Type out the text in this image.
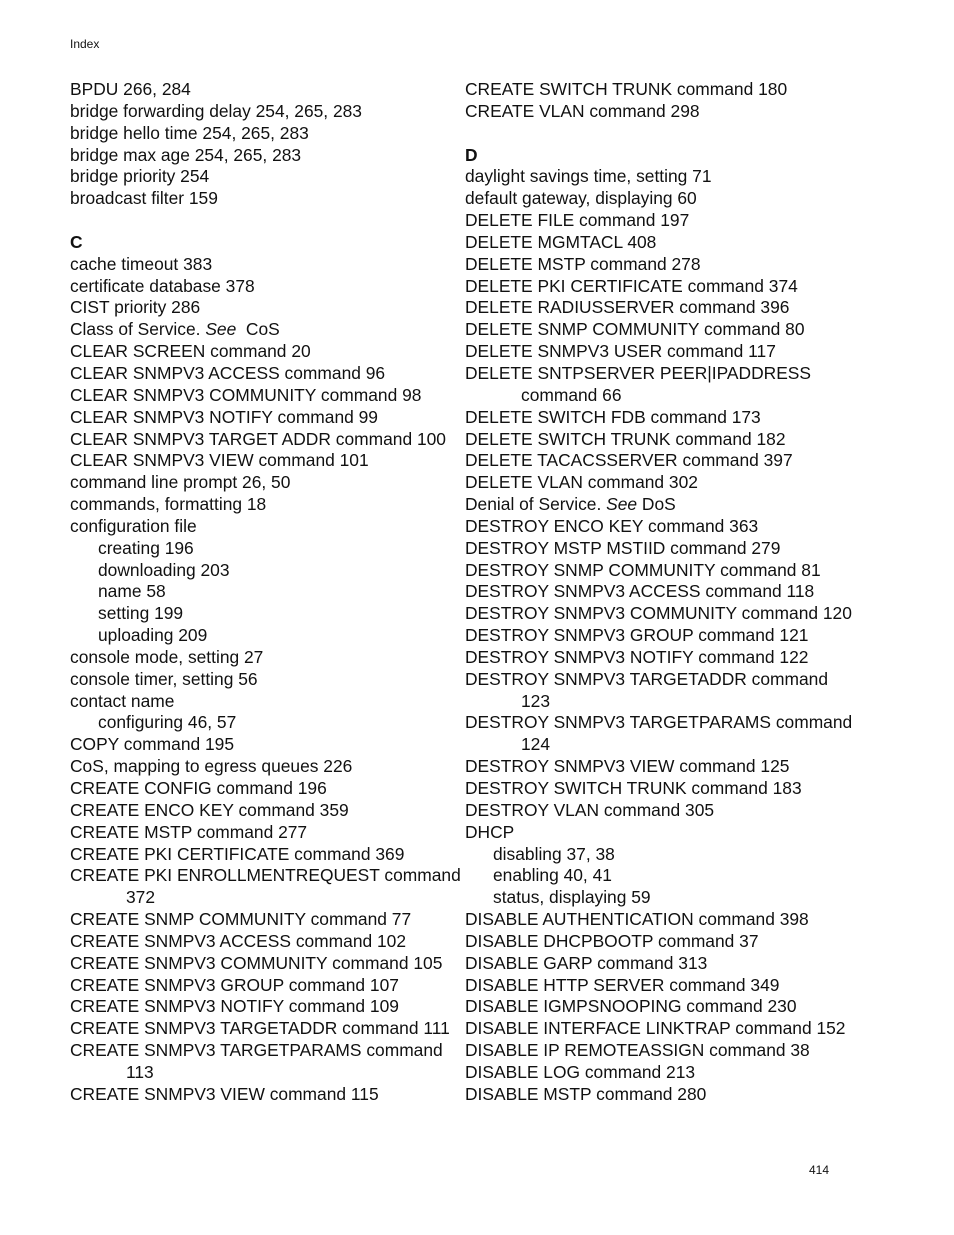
Index
BPDU 266, 284
bridge forwarding delay 254, 265, 283
bridge hello time 254, 265, 283
bridge max age 254, 265, 283
bridge priority 254
broadcast filter 159
C
cache timeout 383
certificate database 378
CIST priority 286
Class of Service. See  CoS
CLEAR SCREEN command 20
CLEAR SNMPV3 ACCESS command 96
CLEAR SNMPV3 COMMUNITY command 98
CLEAR SNMPV3 NOTIFY command 99
CLEAR SNMPV3 TARGET ADDR command 100
CLEAR SNMPV3 VIEW command 101
command line prompt 26, 50
commands, formatting 18
configuration file
creating 196
downloading 203
name 58
setting 199
uploading 209
console mode, setting 27
console timer, setting 56
contact name
configuring 46, 57
COPY command 195
CoS, mapping to egress queues 226
CREATE CONFIG command 196
CREATE ENCO KEY command 359
CREATE MSTP command 277
CREATE PKI CERTIFICATE command 369
CREATE PKI ENROLLMENTREQUEST command
372
CREATE SNMP COMMUNITY command 77
CREATE SNMPV3 ACCESS command 102
CREATE SNMPV3 COMMUNITY command 105
CREATE SNMPV3 GROUP command 107
CREATE SNMPV3 NOTIFY command 109
CREATE SNMPV3 TARGETADDR command 111
CREATE SNMPV3 TARGETPARAMS command
113
CREATE SNMPV3 VIEW command 115
CREATE SWITCH TRUNK command 180
CREATE VLAN command 298
D
daylight savings time, setting 71
default gateway, displaying 60
DELETE FILE command 197
DELETE MGMTACL 408
DELETE MSTP command 278
DELETE PKI CERTIFICATE command 374
DELETE RADIUSSERVER command 396
DELETE SNMP COMMUNITY command 80
DELETE SNMPV3 USER command 117
DELETE SNTPSERVER PEER|IPADDRESS
command 66
DELETE SWITCH FDB command 173
DELETE SWITCH TRUNK command 182
DELETE TACACSSERVER command 397
DELETE VLAN command 302
Denial of Service. See DoS
DESTROY ENCO KEY command 363
DESTROY MSTP MSTIID command 279
DESTROY SNMP COMMUNITY command 81
DESTROY SNMPV3 ACCESS command 118
DESTROY SNMPV3 COMMUNITY command 120
DESTROY SNMPV3 GROUP command 121
DESTROY SNMPV3 NOTIFY command 122
DESTROY SNMPV3 TARGETADDR command
123
DESTROY SNMPV3 TARGETPARAMS command
124
DESTROY SNMPV3 VIEW command 125
DESTROY SWITCH TRUNK command 183
DESTROY VLAN command 305
DHCP
disabling 37, 38
enabling 40, 41
status, displaying 59
DISABLE AUTHENTICATION command 398
DISABLE DHCPBOOTP command 37
DISABLE GARP command 313
DISABLE HTTP SERVER command 349
DISABLE IGMPSNOOPING command 230
DISABLE INTERFACE LINKTRAP command 152
DISABLE IP REMOTEASSIGN command 38
DISABLE LOG command 213
DISABLE MSTP command 280
414
